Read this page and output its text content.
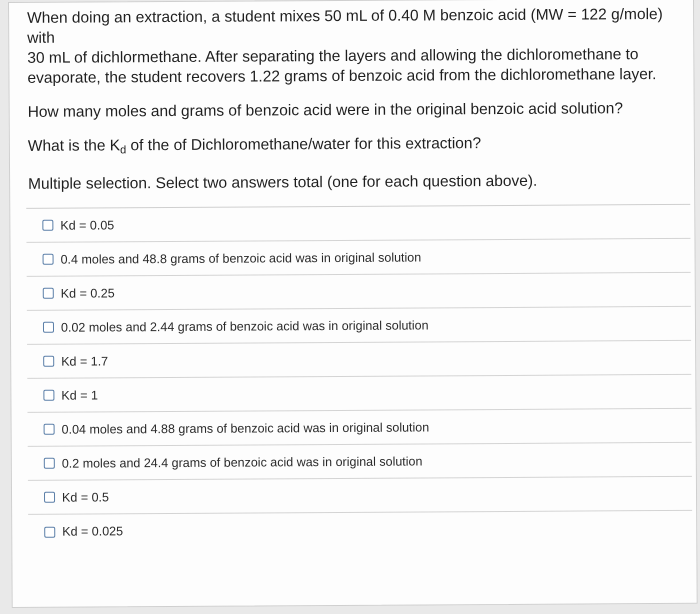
When doing an extraction, a student mixes 50 mL of 0.40 M benzoic acid (MW = 122 g/mole) with

30 mL of dichlormethane. After separating the layers and allowing the dichloromethane to

evaporate, the student recovers 1.22 grams of benzoic acid from the dichloromethane layer.

How many moles and grams of benzoic acid were in the original benzoic acid solution?

What is the $K_d$ of the of Dichloromethane/water for this extraction?

Multiple selection. Select two answers total (one for each question above).

Kd = 0.05
0.4 moles and 48.8 grams of benzoic acid was in original solution
Kd = 0.25
0.02 moles and 2.44 grams of benzoic acid was in original solution
Kd = 1.7
Kd = 1
0.04 moles and 4.88 grams of benzoic acid was in original solution
0.2 moles and 24.4 grams of benzoic acid was in original solution
Kd = 0.5
Kd = 0.025
